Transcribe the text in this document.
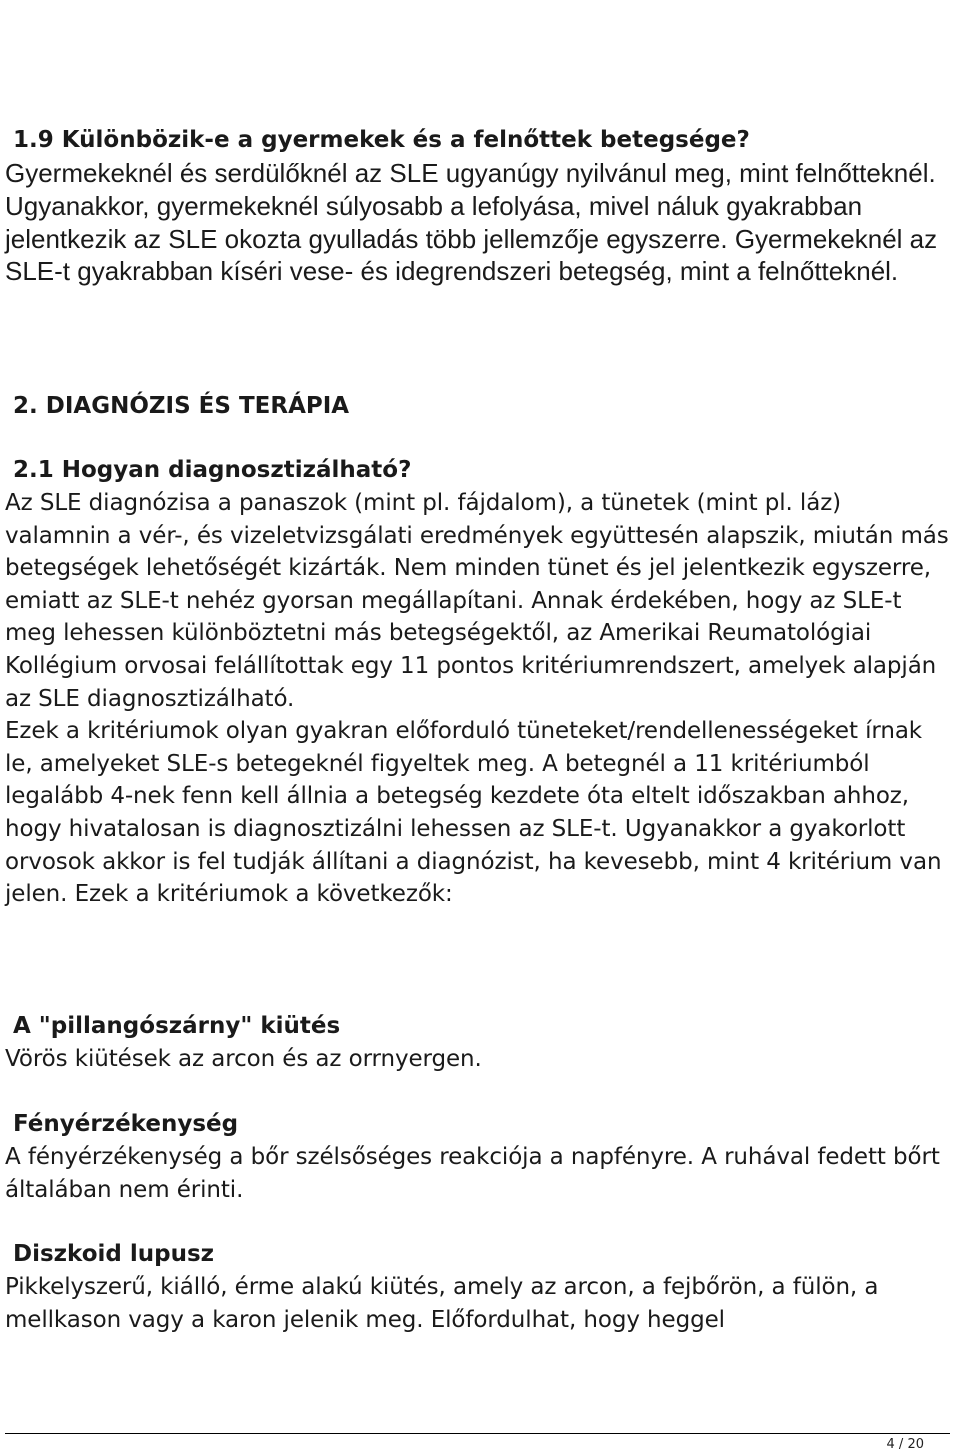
1.9 Különbözik-e a gyermekek és a felnőttek betegsége?

Gyermekeknél és serdülőknél az SLE ugyanúgy nyilvánul meg, mint felnőtteknél. Ugyanakkor, gyermekeknél súlyosabb a lefolyása, mivel náluk gyakrabban jelentkezik az SLE okozta gyulladás több jellemzője egyszerre. Gyermekeknél az SLE-t gyakrabban kíséri vese- és idegrendszeri betegség, mint a felnőtteknél.

2. DIAGNÓZIS ÉS TERÁPIA
2.1 Hogyan diagnosztizálható?

Az SLE diagnózisa a panaszok (mint pl. fájdalom), a tünetek (mint pl. láz) valamnin a vér-, és vizeletvizsgálati eredmények együttesén alapszik, miután más betegségek lehetőségét kizárták. Nem minden tünet és jel jelentkezik egyszerre, emiatt az SLE-t nehéz gyorsan megállapítani. Annak érdekében, hogy az SLE-t meg lehessen különböztetni más betegségektől, az Amerikai Reumatológiai Kollégium orvosai felállítottak egy 11 pontos kritériumrendszert, amelyek alapján az SLE diagnosztizálható.

Ezek a kritériumok olyan gyakran előforduló tüneteket/rendellenességeket írnak le, amelyeket SLE-s betegeknél figyeltek meg. A betegnél a 11 kritériumból legalább 4-nek fenn kell állnia a betegség kezdete óta eltelt időszakban ahhoz, hogy hivatalosan is diagnosztizálni lehessen az SLE-t. Ugyanakkor a gyakorlott orvosok akkor is fel tudják állítani a diagnózist, ha kevesebb, mint 4 kritérium van jelen. Ezek a kritériumok a következők:

A "pillangószárny" kiütés

Vörös kiütések az arcon és az orrnyergen.

Fényérzékenység

A fényérzékenység a bőr szélsőséges reakciója a napfényre. A ruhával fedett bőrt általában nem érinti.

Diszkoid lupusz

Pikkelyszerű, kiálló, érme alakú kiütés, amely az arcon, a fejbőrön, a fülön, a mellkason vagy a karon jelenik meg. Előfordulhat, hogy heggel

4 / 20
